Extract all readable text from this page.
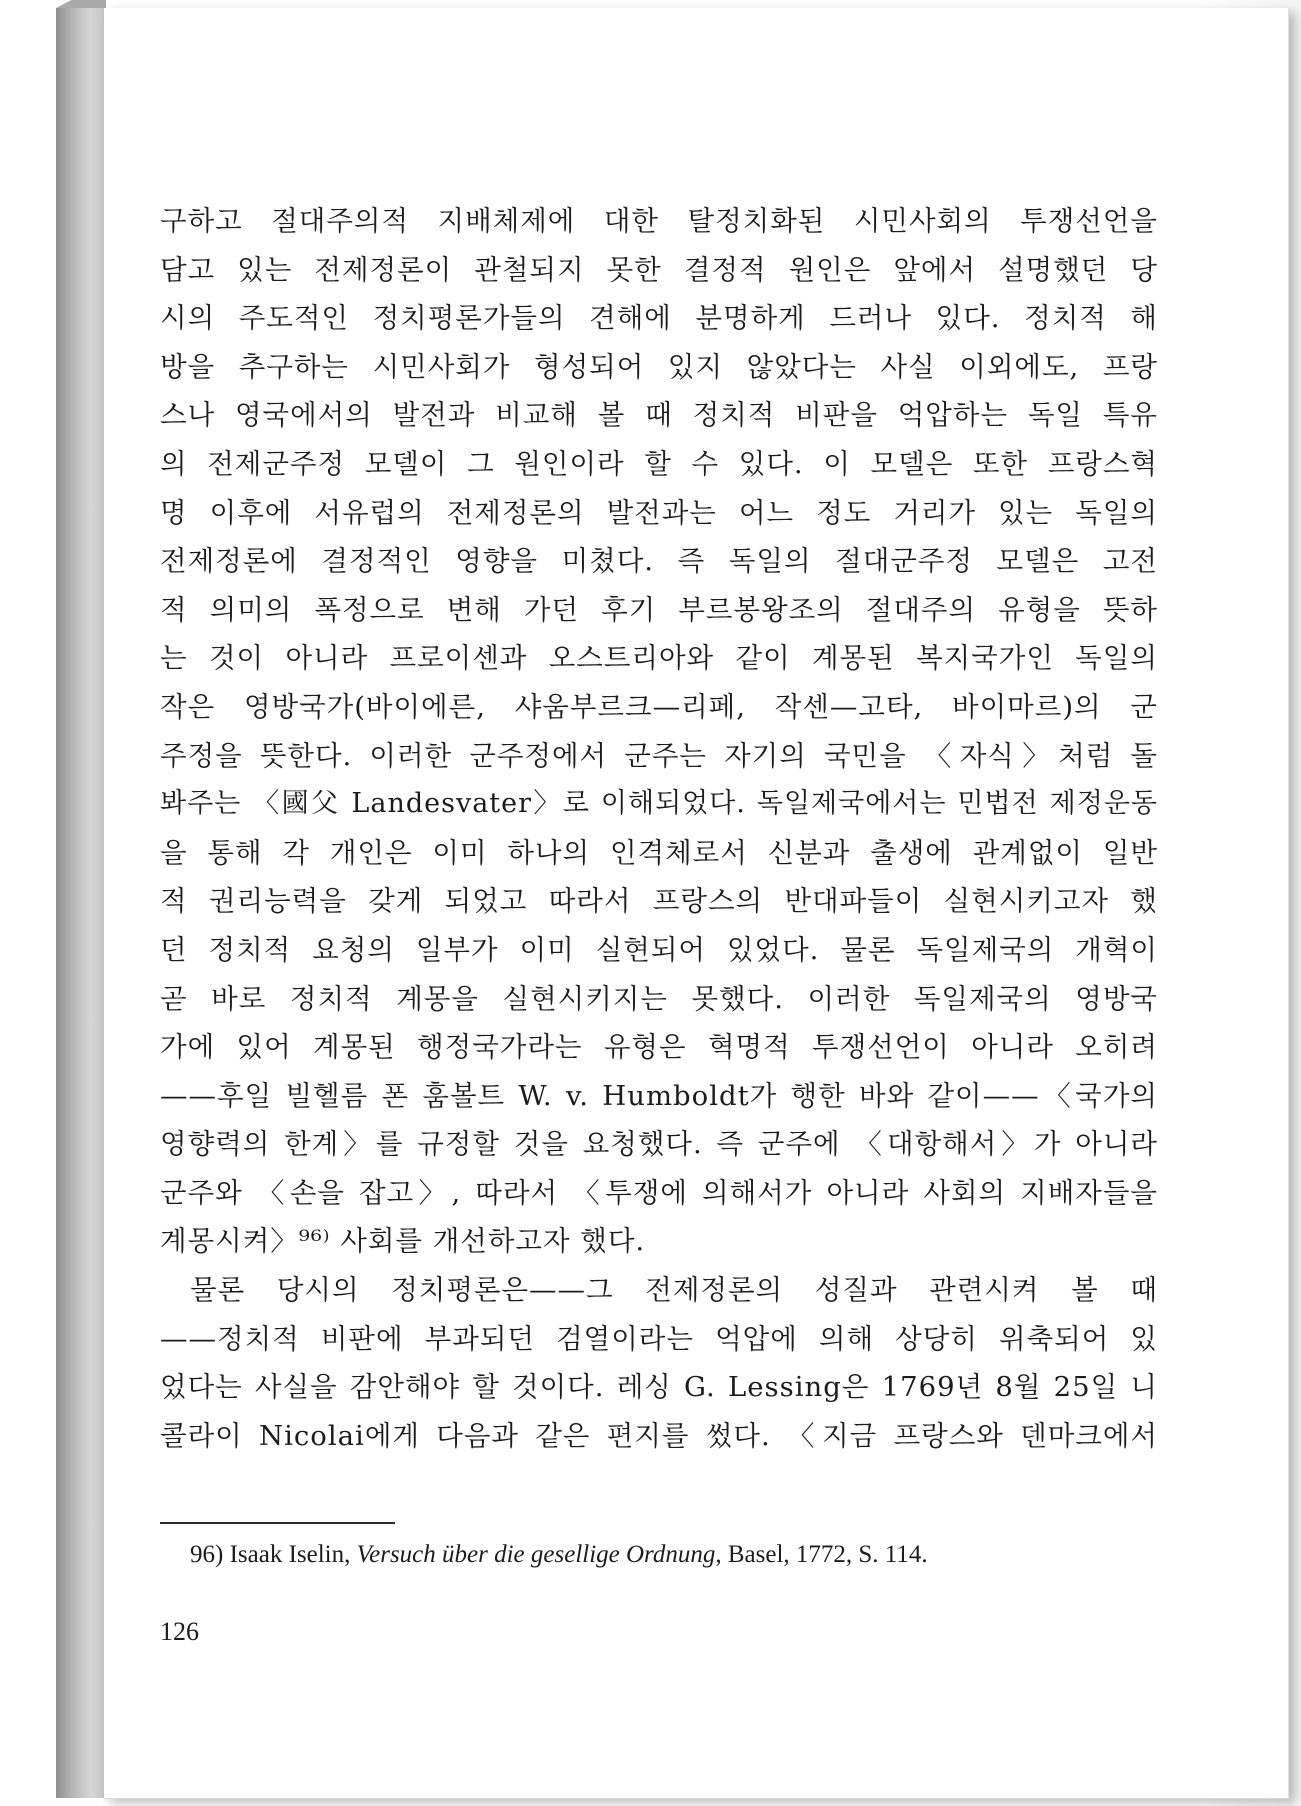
구하고 절대주의적 지배체제에 대한 탈정치화된 시민사회의 투쟁선언을
담고 있는 전제정론이 관철되지 못한 결정적 원인은 앞에서 설명했던 당
시의 주도적인 정치평론가들의 견해에 분명하게 드러나 있다. 정치적 해
방을 추구하는 시민사회가 형성되어 있지 않았다는 사실 이외에도, 프랑
스나 영국에서의 발전과 비교해 볼 때 정치적 비판을 억압하는 독일 특유
의 전제군주정 모델이 그 원인이라 할 수 있다. 이 모델은 또한 프랑스혁
명 이후에 서유럽의 전제정론의 발전과는 어느 정도 거리가 있는 독일의
전제정론에 결정적인 영향을 미쳤다. 즉 독일의 절대군주정 모델은 고전
적 의미의 폭정으로 변해 가던 후기 부르봉왕조의 절대주의 유형을 뜻하
는 것이 아니라 프로이센과 오스트리아와 같이 계몽된 복지국가인 독일의
작은 영방국가(바이에른, 샤움부르크—리페, 작센—고타, 바이마르)의 군
주정을 뜻한다. 이러한 군주정에서 군주는 자기의 국민을 〈자식〉처럼 돌
봐주는 〈國父 Landesvater〉로 이해되었다. 독일제국에서는 민법전 제정운동
을 통해 각 개인은 이미 하나의 인격체로서 신분과 출생에 관계없이 일반
적 권리능력을 갖게 되었고 따라서 프랑스의 반대파들이 실현시키고자 했
던 정치적 요청의 일부가 이미 실현되어 있었다. 물론 독일제국의 개혁이
곧 바로 정치적 계몽을 실현시키지는 못했다. 이러한 독일제국의 영방국
가에 있어 계몽된 행정국가라는 유형은 혁명적 투쟁선언이 아니라 오히려
——후일 빌헬름 폰 훔볼트 W. v. Humboldt가 행한 바와 같이——〈국가의
영향력의 한계〉를 규정할 것을 요청했다. 즉 군주에 〈대항해서〉가 아니라
군주와 〈손을 잡고〉, 따라서 〈투쟁에 의해서가 아니라 사회의 지배자들을
계몽시켜〉⁹⁶⁾ 사회를 개선하고자 했다.
물론 당시의 정치평론은——그 전제정론의 성질과 관련시켜 볼 때
——정치적 비판에 부과되던 검열이라는 억압에 의해 상당히 위축되어 있
었다는 사실을 감안해야 할 것이다. 레싱 G. Lessing은 1769년 8월 25일 니
콜라이 Nicolai에게 다음과 같은 편지를 썼다. 〈지금 프랑스와 덴마크에서
96) Isaak Iselin, Versuch über die gesellige Ordnung, Basel, 1772, S. 114.
126
